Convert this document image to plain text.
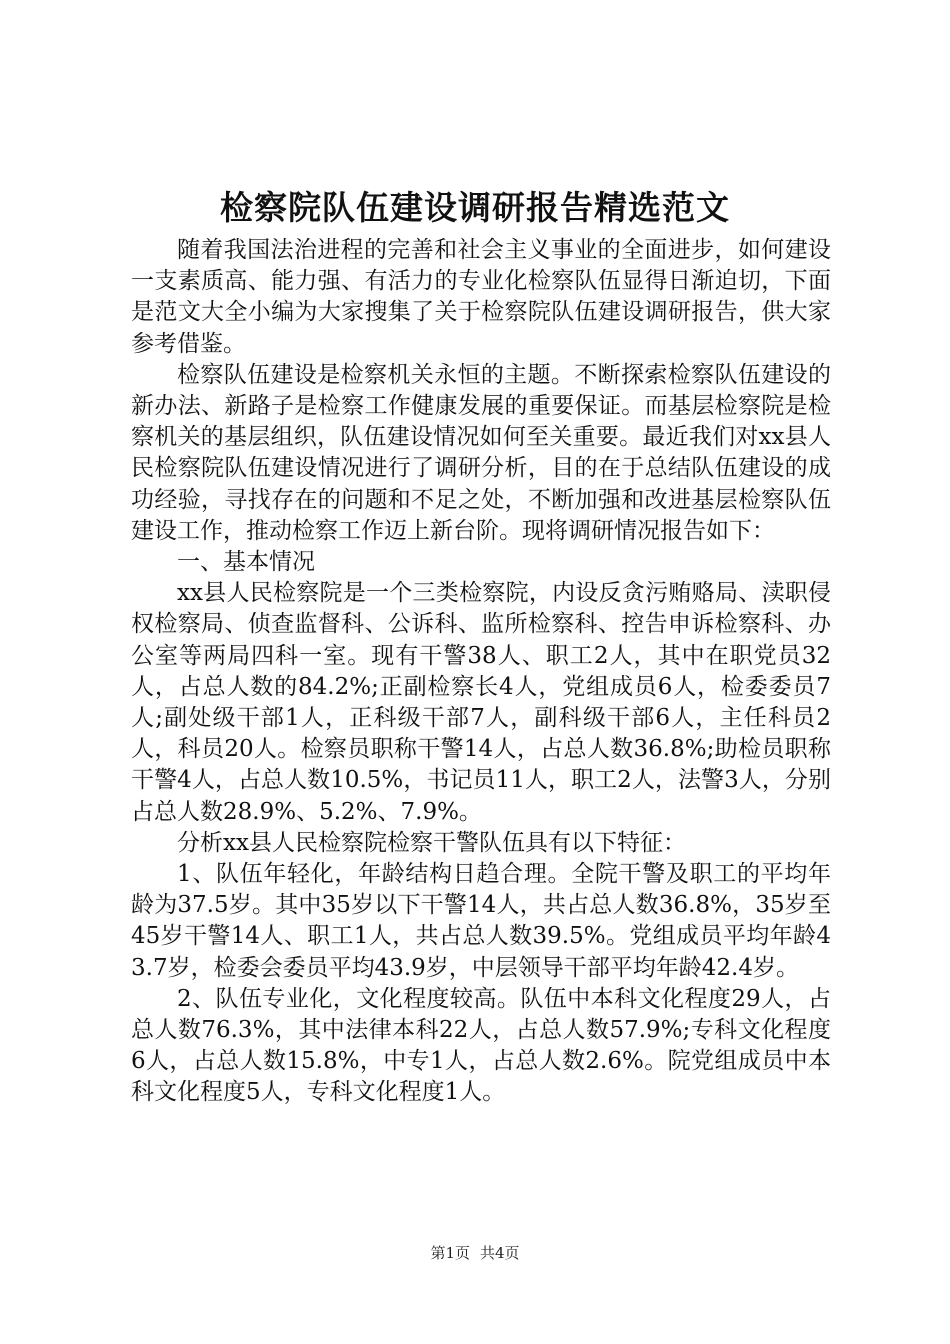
检察院队伍建设调研报告精选范文

随着我国法治进程的完善和社会主义事业的全面进步，如何建设一支素质高、能力强、有活力的专业化检察队伍显得日渐迫切，下面是范文大全小编为大家搜集了关于检察院队伍建设调研报告，供大家参考借鉴。

检察队伍建设是检察机关永恒的主题。不断探索检察队伍建设的新办法、新路子是检察工作健康发展的重要保证。而基层检察院是检察机关的基层组织，队伍建设情况如何至关重要。最近我们对xx县人民检察院队伍建设情况进行了调研分析，目的在于总结队伍建设的成功经验，寻找存在的问题和不足之处，不断加强和改进基层检察队伍建设工作，推动检察工作迈上新台阶。现将调研情况报告如下：

一、基本情况

xx县人民检察院是一个三类检察院，内设反贪污贿赂局、渎职侵权检察局、侦查监督科、公诉科、监所检察科、控告申诉检察科、办公室等两局四科一室。现有干警38人、职工2人，其中在职党员32人，占总人数的84.2%;正副检察长4人，党组成员6人，检委委员7人;副处级干部1人，正科级干部7人，副科级干部6人，主任科员2人，科员20人。检察员职称干警14人，占总人数36.8%;助检员职称干警4人，占总人数10.5%，书记员11人，职工2人，法警3人，分别占总人数28.9%、5.2%、7.9%。

分析xx县人民检察院检察干警队伍具有以下特征：

1、队伍年轻化，年龄结构日趋合理。全院干警及职工的平均年龄为37.5岁。其中35岁以下干警14人，共占总人数36.8%，35岁至45岁干警14人、职工1人，共占总人数39.5%。党组成员平均年龄43.7岁，检委会委员平均43.9岁，中层领导干部平均年龄42.4岁。

2、队伍专业化，文化程度较高。队伍中本科文化程度29人，占总人数76.3%，其中法律本科22人，占总人数57.9%;专科文化程度6人，占总人数15.8%，中专1人，占总人数2.6%。院党组成员中本科文化程度5人，专科文化程度1人。

第1页 共4页
